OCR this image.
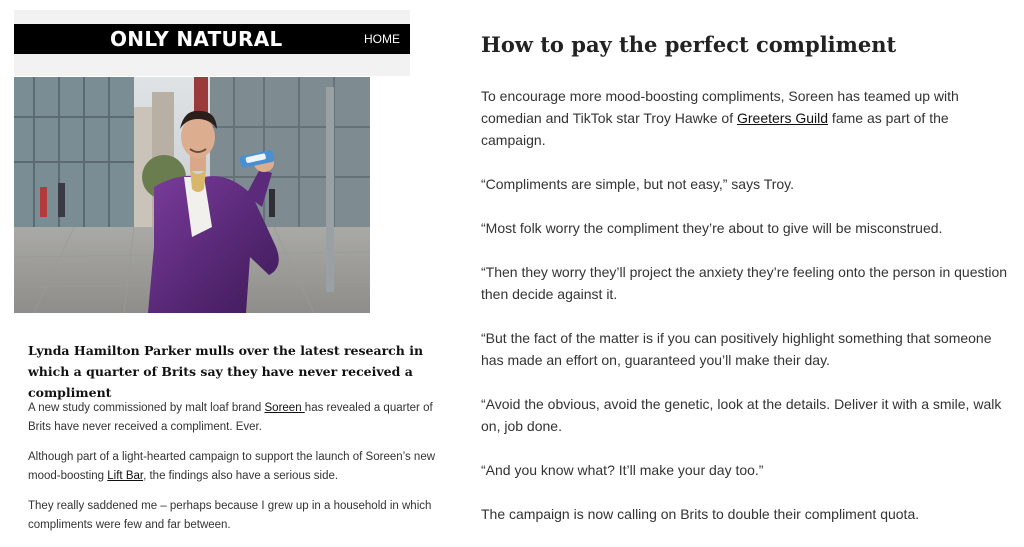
ONLY NATURAL	HOME

Lynda Hamilton Parker mulls over the latest research in which a quarter of Brits say they have never received a compliment

A new study commissioned by malt loaf brand Soreen has revealed a quarter of Brits have never received a compliment. Ever.

Although part of a light-hearted campaign to support the launch of Soreen’s new mood-boosting Lift Bar, the findings also have a serious side.

They really saddened me – perhaps because I grew up in a household in which compliments were few and far between.

How to pay the perfect compliment

To encourage more mood-boosting compliments, Soreen has teamed up with comedian and TikTok star Troy Hawke of Greeters Guild fame as part of the campaign.

“Compliments are simple, but not easy,” says Troy.

“Most folk worry the compliment they’re about to give will be misconstrued.

“Then they worry they’ll project the anxiety they’re feeling onto the person in question then decide against it.

“But the fact of the matter is if you can positively highlight something that someone has made an effort on, guaranteed you’ll make their day.

“Avoid the obvious, avoid the genetic, look at the details. Deliver it with a smile, walk on, job done.

“And you know what? It’ll make your day too.”

The campaign is now calling on Brits to double their compliment quota.
